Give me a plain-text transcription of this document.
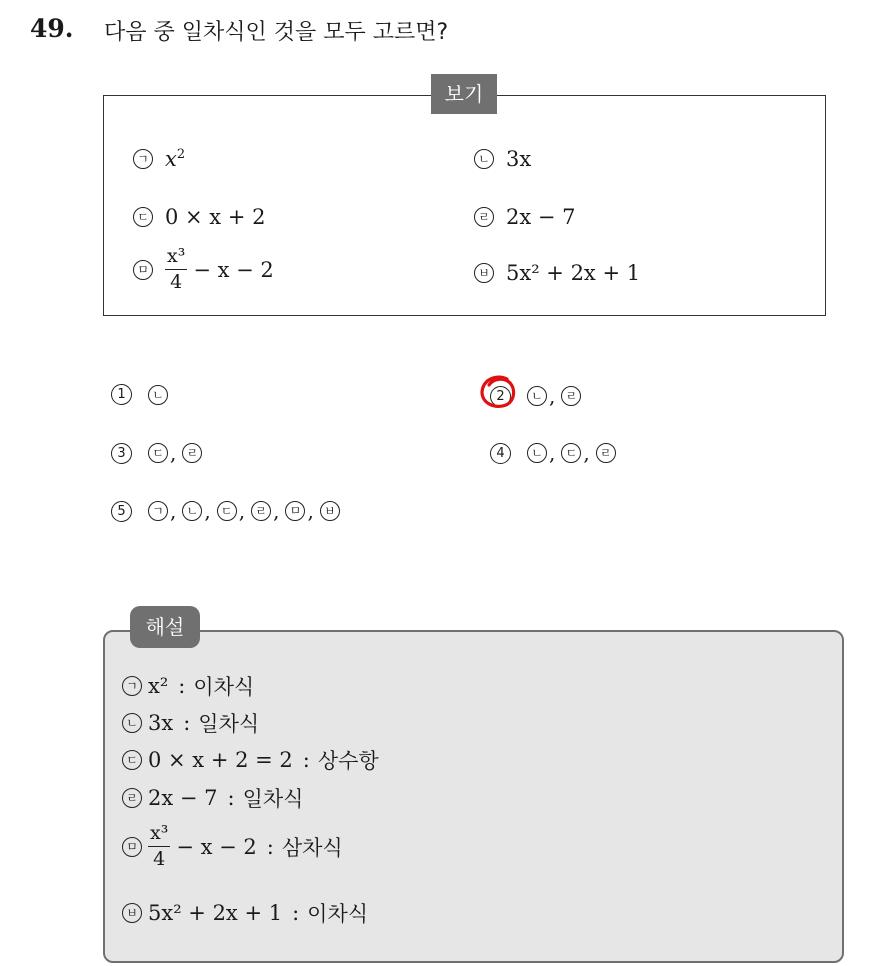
49. 다음 중 일차식인 것을 모두 고르면?
보기
ㄱ $x^2$	ㄴ 3x
ㄷ 0 × x + 2	ㄹ 2x − 7
ㅁ $\frac{\text{x³}}{4} - x - 2$	ㅂ 5x² + 2x + 1
1	ㄴ	2	ㄴ , ㄹ
3	ㄷ , ㄹ	4	ㄴ , ㄷ , ㄹ
5	ㄱ , ㄴ , ㄷ , ㄹ , ㅁ , ㅂ
해설
ㄱ x² : 이차식
ㄴ 3x : 일차식
ㄷ 0 × x + 2 = 2 : 상수항
ㄹ 2x − 7 : 일차식
ㅁ $\frac{\text{x³}}{4} - x - 2$ : 삼차식
ㅂ 5x² + 2x + 1 : 이차식
